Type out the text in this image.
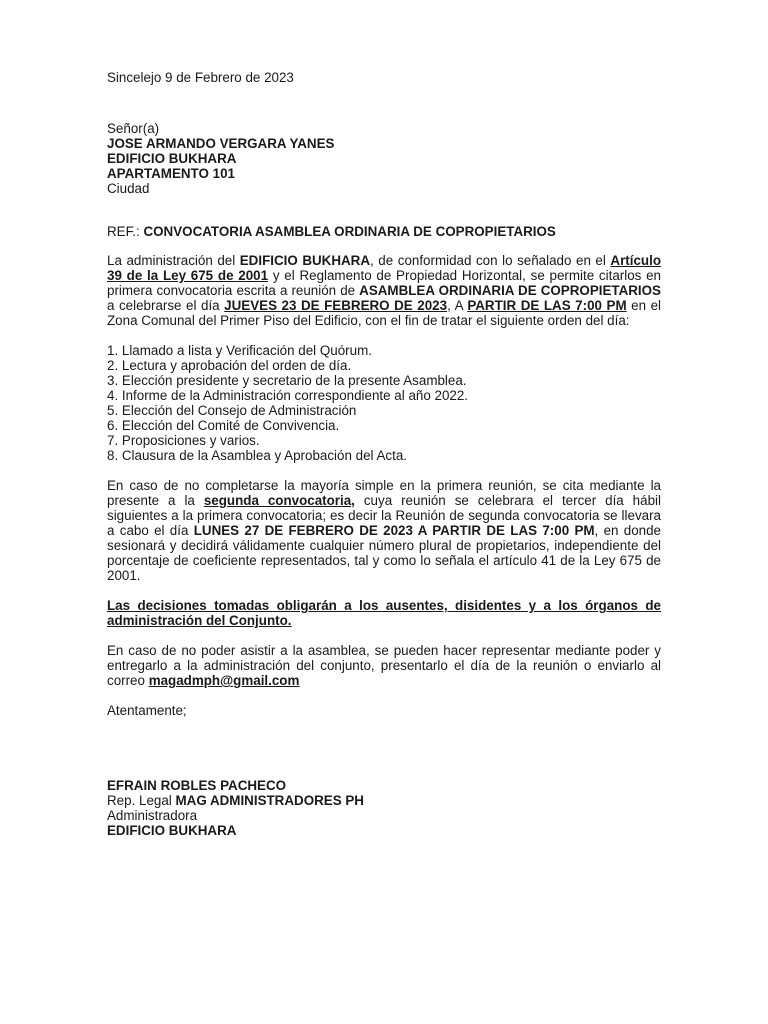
Sincelejo 9 de Febrero de 2023
Señor(a)
JOSE ARMANDO VERGARA YANES
EDIFICIO BUKHARA
APARTAMENTO 101
Ciudad
REF.: CONVOCATORIA ASAMBLEA ORDINARIA DE COPROPIETARIOS

La administración del EDIFICIO BUKHARA, de conformidad con lo señalado en el Artículo 39 de la Ley 675 de 2001 y el Reglamento de Propiedad Horizontal, se permite citarlos en primera convocatoria escrita a reunión de ASAMBLEA ORDINARIA DE COPROPIETARIOS a celebrarse el día JUEVES 23 DE FEBRERO DE 2023, A PARTIR DE LAS 7:00 PM en el Zona Comunal del Primer Piso del Edificio, con el fin de tratar el siguiente orden del día:

1. Llamado a lista y Verificación del Quórum.
2. Lectura y aprobación del orden de día.
3. Elección presidente y secretario de la presente Asamblea.
4. Informe de la Administración correspondiente al año 2022.
5. Elección del Consejo de Administración
6. Elección del Comité de Convivencia.
7. Proposiciones y varios.
8. Clausura de la Asamblea y Aprobación del Acta.

En caso de no completarse la mayoría simple en la primera reunión, se cita mediante la presente a la segunda convocatoria, cuya reunión se celebrara el tercer día hábil siguientes a la primera convocatoria; es decir la Reunión de segunda convocatoria se llevara a cabo el día LUNES 27 DE FEBRERO DE 2023 A PARTIR DE LAS 7:00 PM, en donde sesionará y decidirá válidamente cualquier número plural de propietarios, independiente del porcentaje de coeficiente representados, tal y como lo señala el artículo 41 de la Ley 675 de 2001.

Las decisiones tomadas obligarán a los ausentes, disidentes y a los órganos de administración del Conjunto.

En caso de no poder asistir a la asamblea, se pueden hacer representar mediante poder y entregarlo a la administración del conjunto, presentarlo el día de la reunión o enviarlo al correo magadmph@gmail.com

Atentamente;
EFRAIN ROBLES PACHECO
Rep. Legal MAG ADMINISTRADORES PH
Administradora
EDIFICIO BUKHARA
